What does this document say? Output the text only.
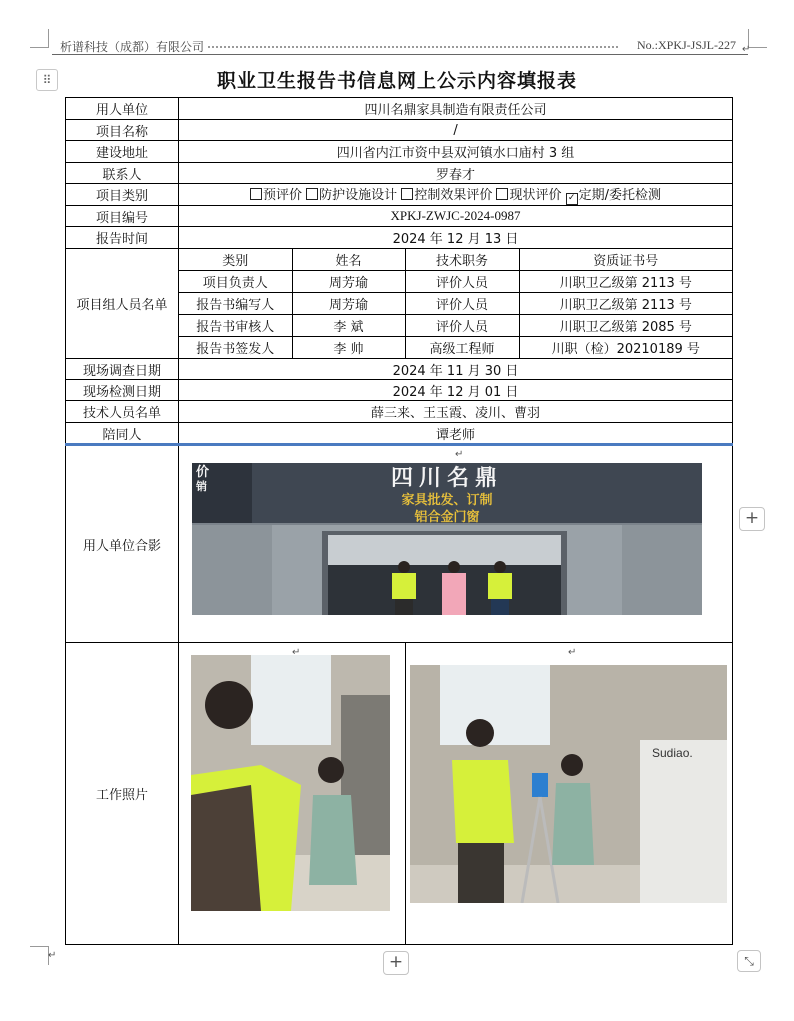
析谱科技（成都）有限公司	No.:XPKJ-JSJL-227
⠿	职业卫生报告书信息网上公示内容填报表
用人单位	四川名鼎家具制造有限责任公司
项目名称	/
建设地址	四川省内江市资中县双河镇水口庙村 3 组
联系人	罗春才
项目类别	预评价 防护设施设计 控制效果评价 现状评价 ✓ 定期/委托检测
项目编号	XPKJ-ZWJC-2024-0987
报告时间	2024 年 12 月 13 日
项目组人员名单	
类别	姓名	技术职务	资质证书号
项目负责人	周芳瑜	评价人员	川职卫乙级第 2113 号
报告书编写人	周芳瑜	评价人员	川职卫乙级第 2113 号
报告书审核人	李 斌	评价人员	川职卫乙级第 2085 号
报告书签发人	李 帅	高级工程师	川职（检）20210189 号

现场调查日期	2024 年 11 月 30 日
现场检测日期	2024 年 12 月 01 日
技术人员名单	薛三来、王玉霞、凌川、曹羽
陪同人	谭老师
用人单位合影	
工作照片		
价
销	四川名鼎
家具批发、订制
铝合金门窗
Sudiao.
+
+	⤡
↵
↵
↵	↵
↵
